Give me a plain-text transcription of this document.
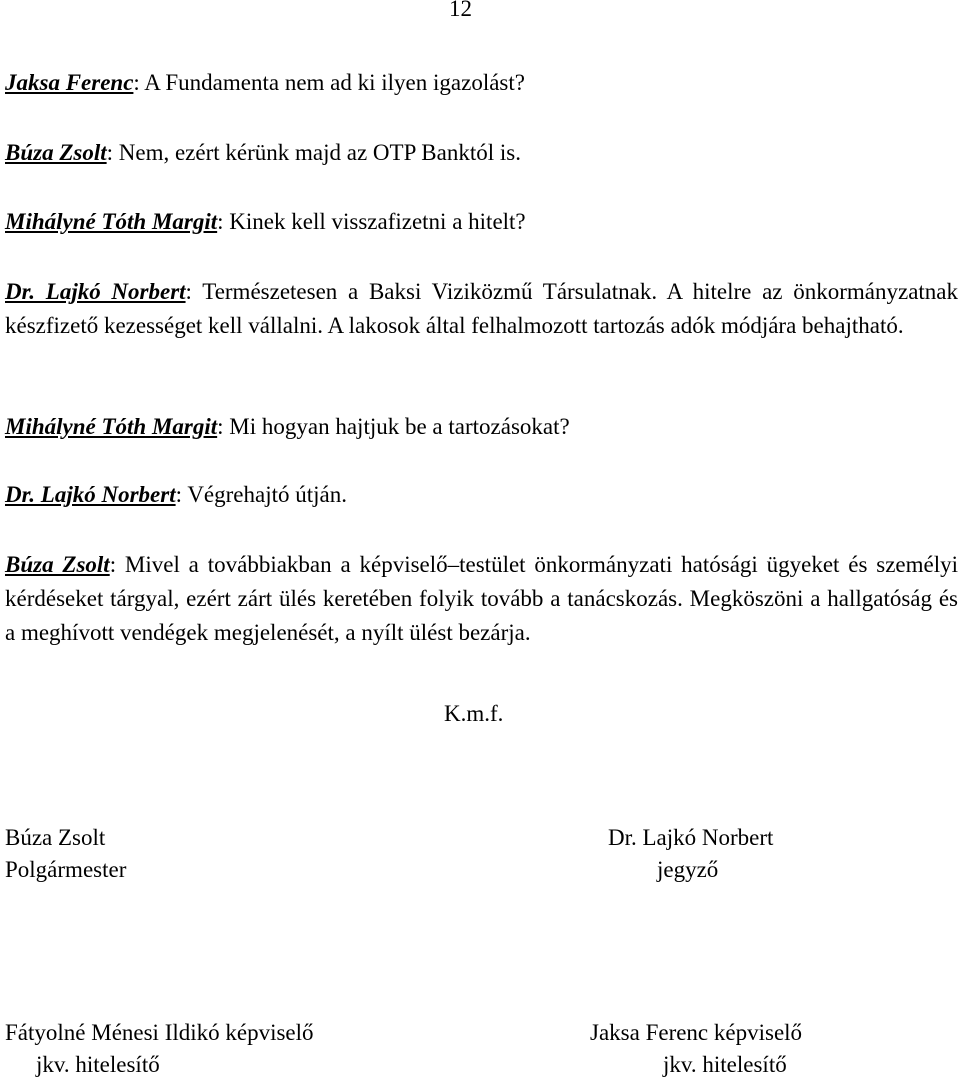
12

Jaksa Ferenc: A Fundamenta nem ad ki ilyen igazolást?

Búza Zsolt: Nem, ezért kérünk majd az OTP Banktól is.

Mihályné Tóth Margit: Kinek kell visszafizetni a hitelt?

Dr. Lajkó Norbert: Természetesen a Baksi Viziközmű Társulatnak. A hitelre az önkormányzatnak készfizető kezességet kell vállalni. A lakosok által felhalmozott tartozás adók módjára behajtható.

Mihályné Tóth Margit: Mi hogyan hajtjuk be a tartozásokat?

Dr. Lajkó Norbert: Végrehajtó útján.

Búza Zsolt: Mivel a továbbiakban a képviselő–testület önkormányzati hatósági ügyeket és személyi kérdéseket tárgyal, ezért zárt ülés keretében folyik tovább a tanácskozás. Megköszöni a hallgatóság és a meghívott vendégek megjelenését, a nyílt ülést bezárja.

K.m.f.
Búza Zsolt
Polgármester
Dr. Lajkó Norbert
jegyző
Fátyolné Ménesi Ildikó képviselő
jkv. hitelesítő
Jaksa Ferenc képviselő
jkv. hitelesítő
